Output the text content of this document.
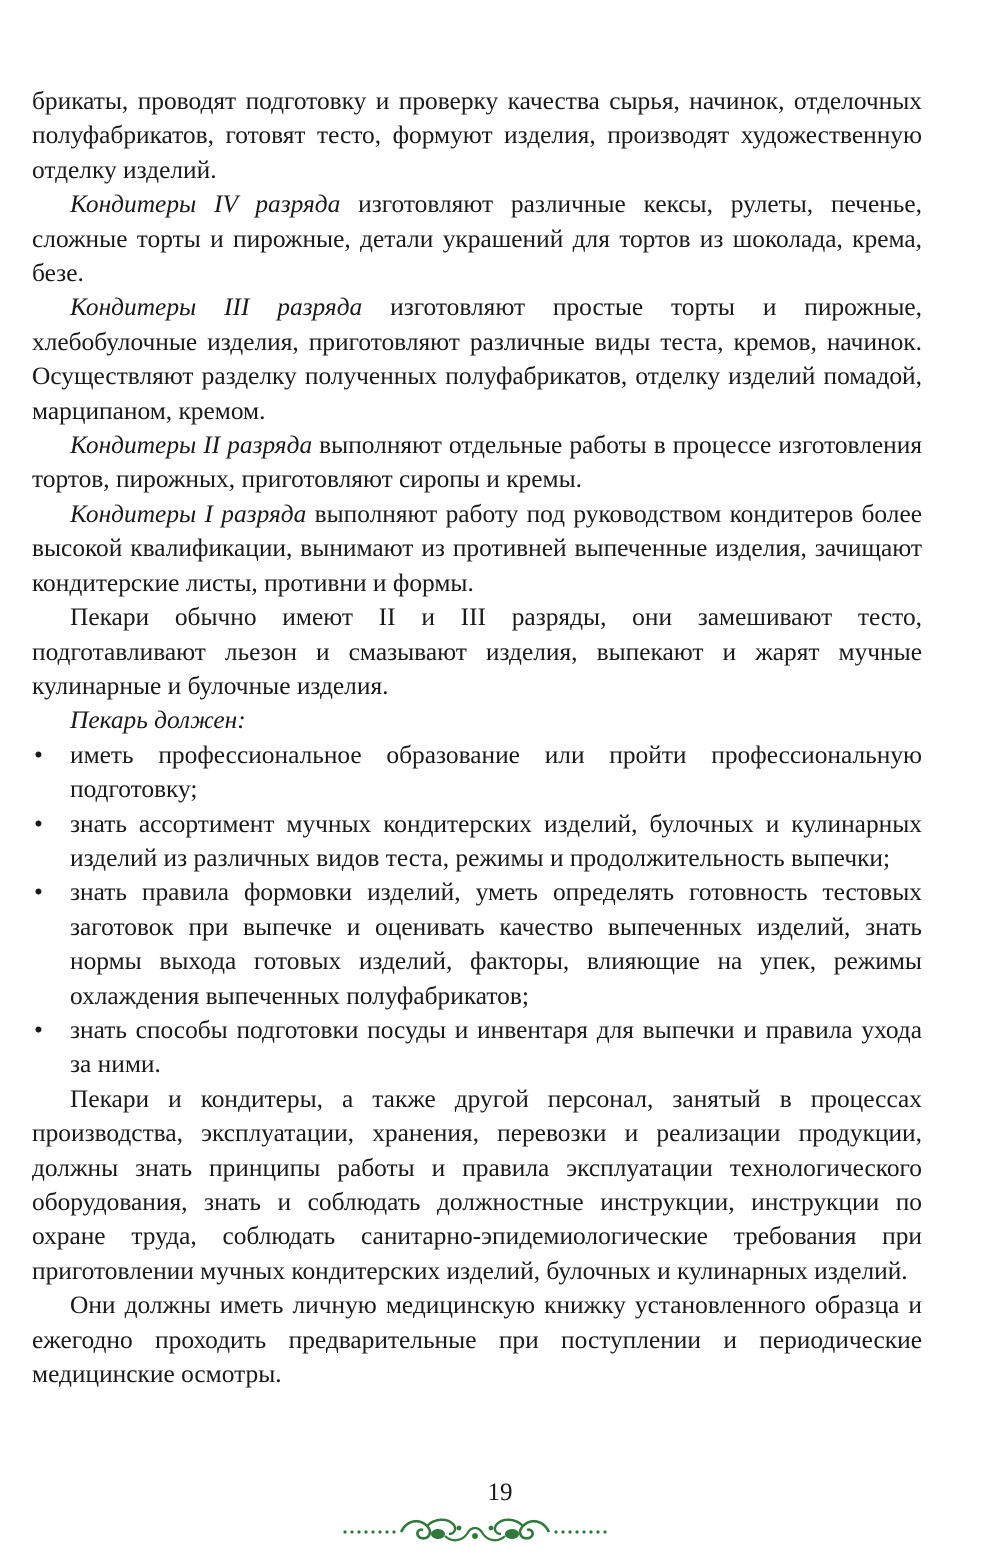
брикаты, проводят подготовку и проверку качества сырья, начинок, отделочных полуфабрикатов, готовят тесто, формуют изделия, производят художественную отделку изделий.

Кондитеры IV разряда изготовляют различные кексы, рулеты, печенье, сложные торты и пирожные, детали украшений для тортов из шоколада, крема, безе.

Кондитеры III разряда изготовляют простые торты и пирожные, хлебобулочные изделия, приготовляют различные виды теста, кремов, начинок. Осуществляют разделку полученных полуфабрикатов, отделку изделий помадой, марципаном, кремом.

Кондитеры II разряда выполняют отдельные работы в процессе изготовления тортов, пирожных, приготовляют сиропы и кремы.

Кондитеры I разряда выполняют работу под руководством кондитеров более высокой квалификации, вынимают из противней выпеченные изделия, зачищают кондитерские листы, противни и формы.

Пекари обычно имеют II и III разряды, они замешивают тесто, подготавливают льезон и смазывают изделия, выпекают и жарят мучные кулинарные и булочные изделия.

Пекарь должен:

• иметь профессиональное образование или пройти профессиональную подготовку;
• знать ассортимент мучных кондитерских изделий, булочных и кулинарных изделий из различных видов теста, режимы и продолжительность выпечки;
• знать правила формовки изделий, уметь определять готовность тестовых заготовок при выпечке и оценивать качество выпеченных изделий, знать нормы выхода готовых изделий, факторы, влияющие на упек, режимы охлаждения выпеченных полуфабрикатов;
• знать способы подготовки посуды и инвентаря для выпечки и правила ухода за ними.

Пекари и кондитеры, а также другой персонал, занятый в процессах производства, эксплуатации, хранения, перевозки и реализации продукции, должны знать принципы работы и правила эксплуатации технологического оборудования, знать и соблюдать должностные инструкции, инструкции по охране труда, соблюдать санитарно-эпидемиологические требования при приготовлении мучных кондитерских изделий, булочных и кулинарных изделий.

Они должны иметь личную медицинскую книжку установленного образца и ежегодно проходить предварительные при поступлении и периодические медицинские осмотры.

19
